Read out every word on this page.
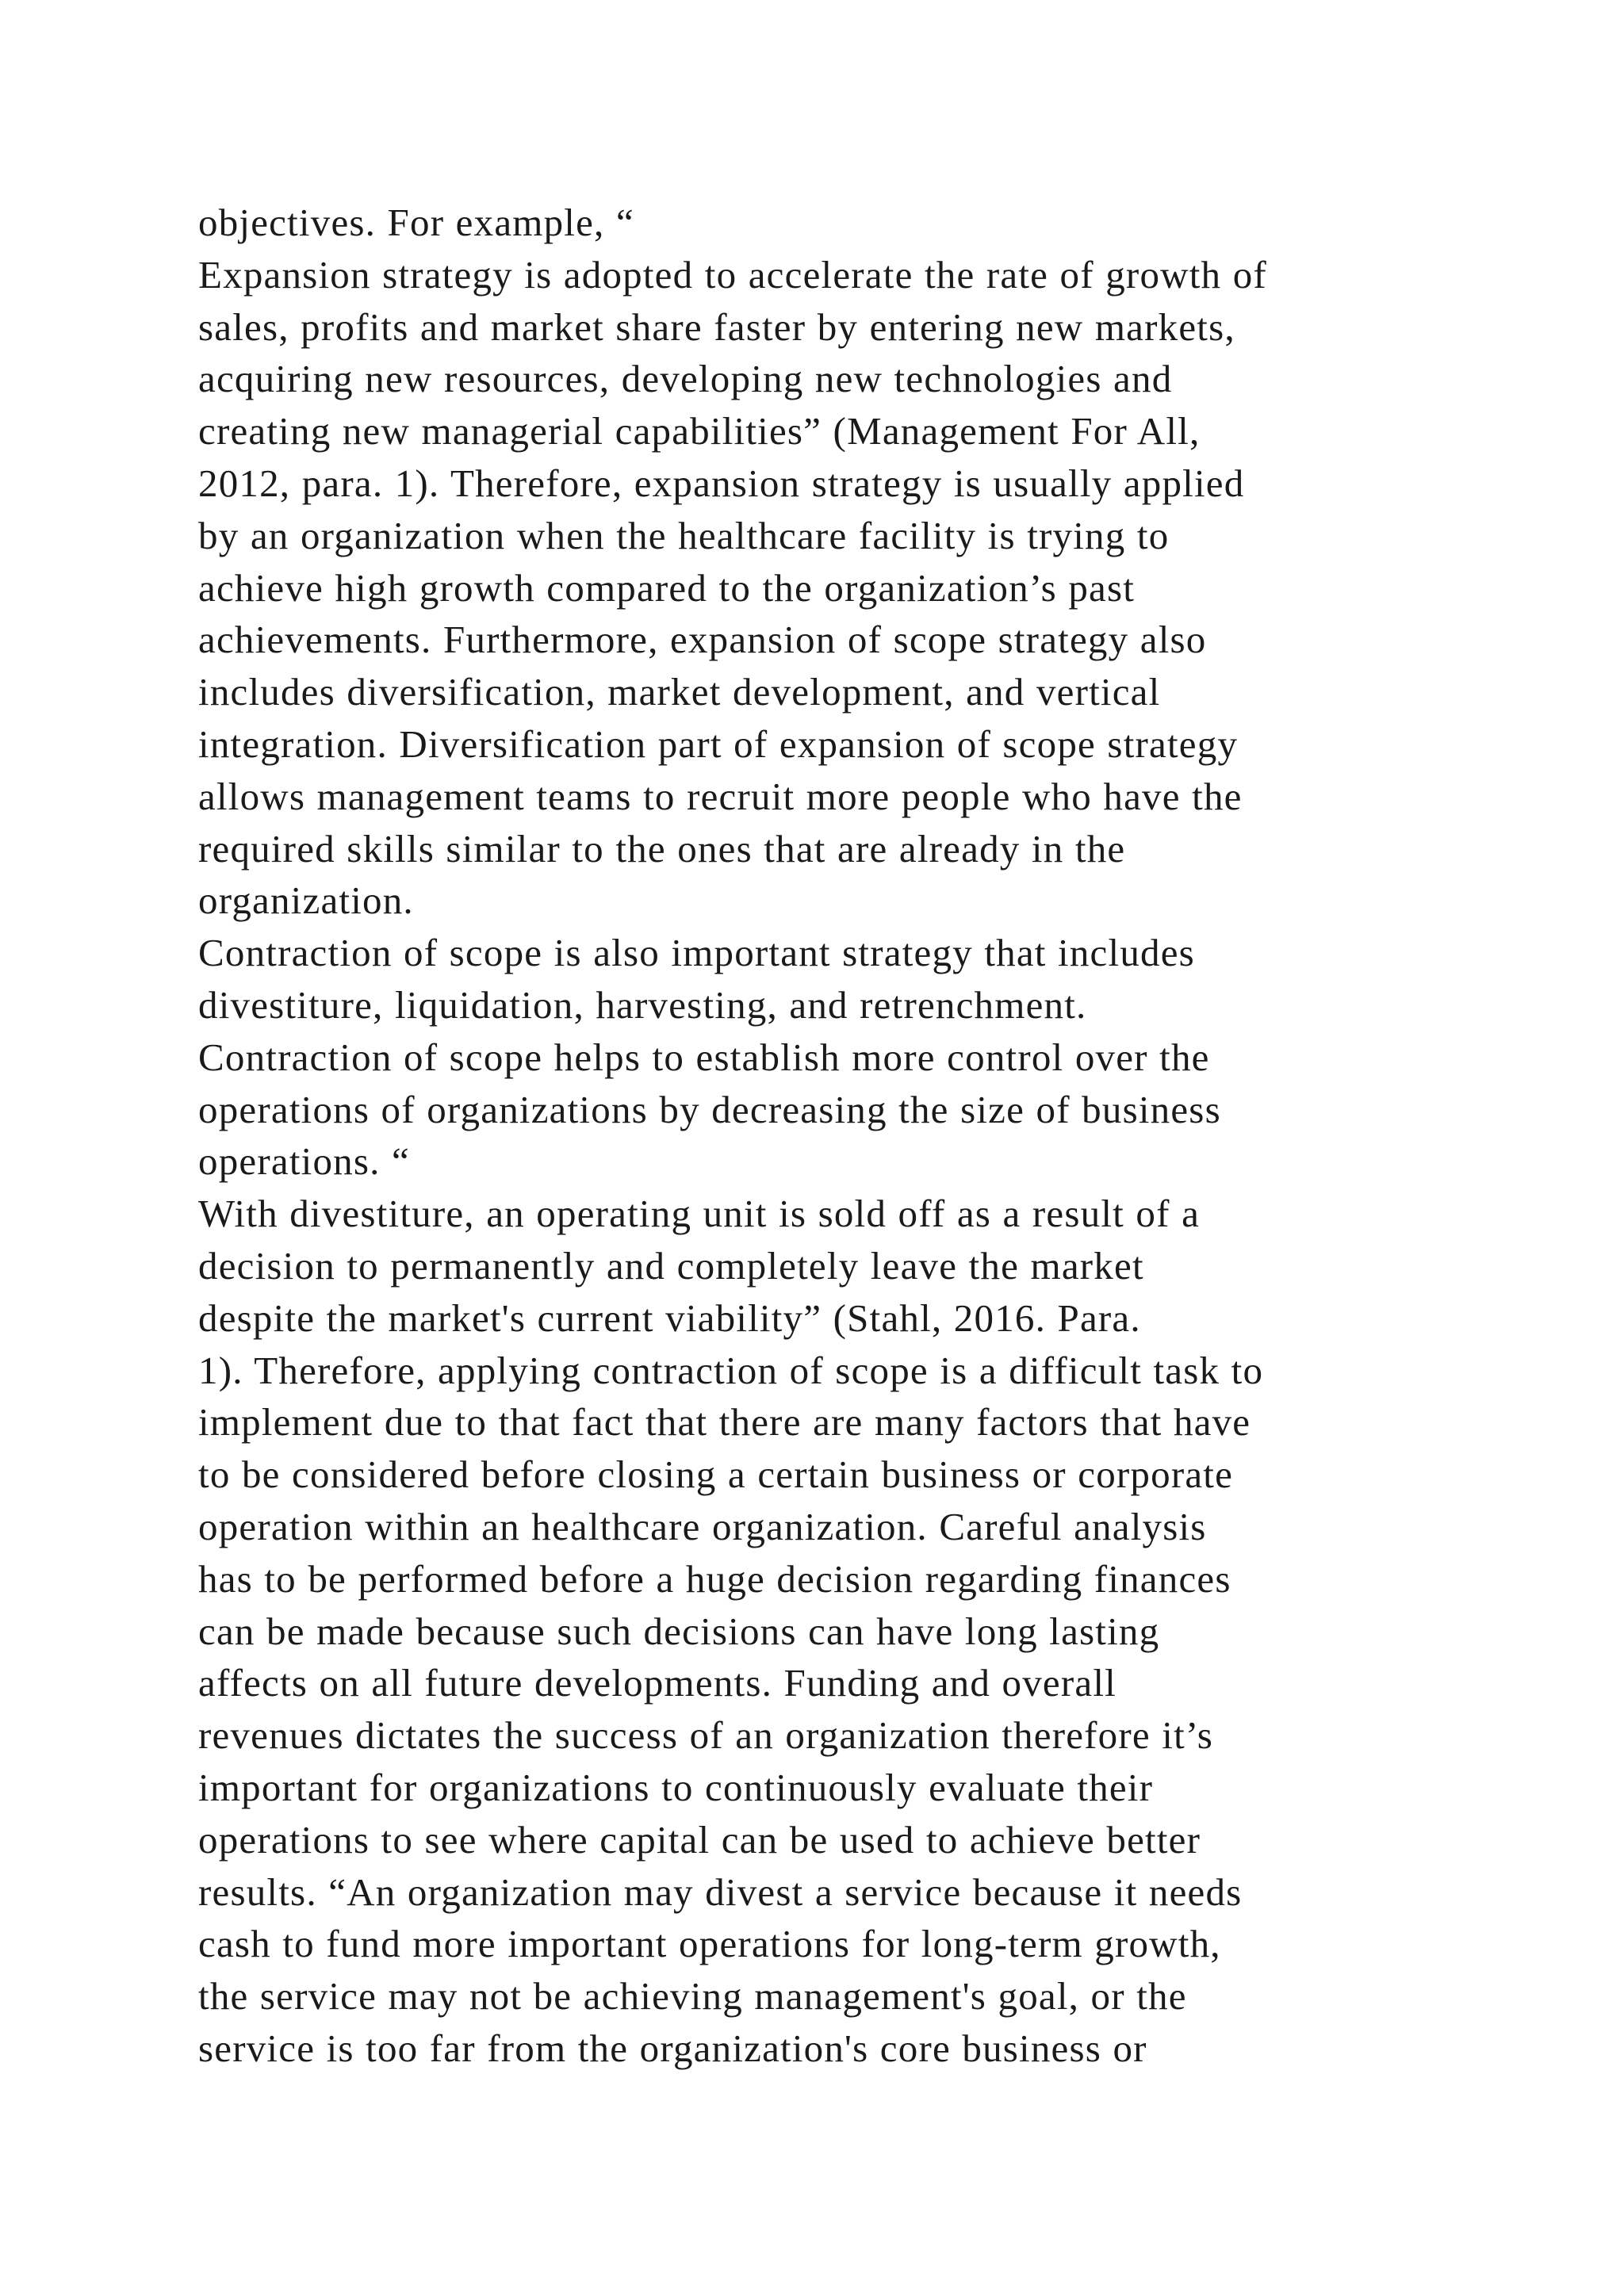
objectives. For example, “
Expansion strategy is adopted to accelerate the rate of growth of
sales, profits and market share faster by entering new markets,
acquiring new resources, developing new technologies and
creating new managerial capabilities” (Management For All,
2012, para. 1). Therefore, expansion strategy is usually applied
by an organization when the healthcare facility is trying to
achieve high growth compared to the organization’s past
achievements. Furthermore, expansion of scope strategy also
includes diversification, market development, and vertical
integration. Diversification part of expansion of scope strategy
allows management teams to recruit more people who have the
required skills similar to the ones that are already in the
organization.
Contraction of scope is also important strategy that includes
divestiture, liquidation, harvesting, and retrenchment.
Contraction of scope helps to establish more control over the
operations of organizations by decreasing the size of business
operations. “
With divestiture, an operating unit is sold off as a result of a
decision to permanently and completely leave the market
despite the market's current viability” (Stahl, 2016. Para.
1). Therefore, applying contraction of scope is a difficult task to
implement due to that fact that there are many factors that have
to be considered before closing a certain business or corporate
operation within an healthcare organization. Careful analysis
has to be performed before a huge decision regarding finances
can be made because such decisions can have long lasting
affects on all future developments. Funding and overall
revenues dictates the success of an organization therefore it’s
important for organizations to continuously evaluate their
operations to see where capital can be used to achieve better
results. “An organization may divest a service because it needs
cash to fund more important operations for long-term growth,
the service may not be achieving management's goal, or the
service is too far from the organization's core business or
